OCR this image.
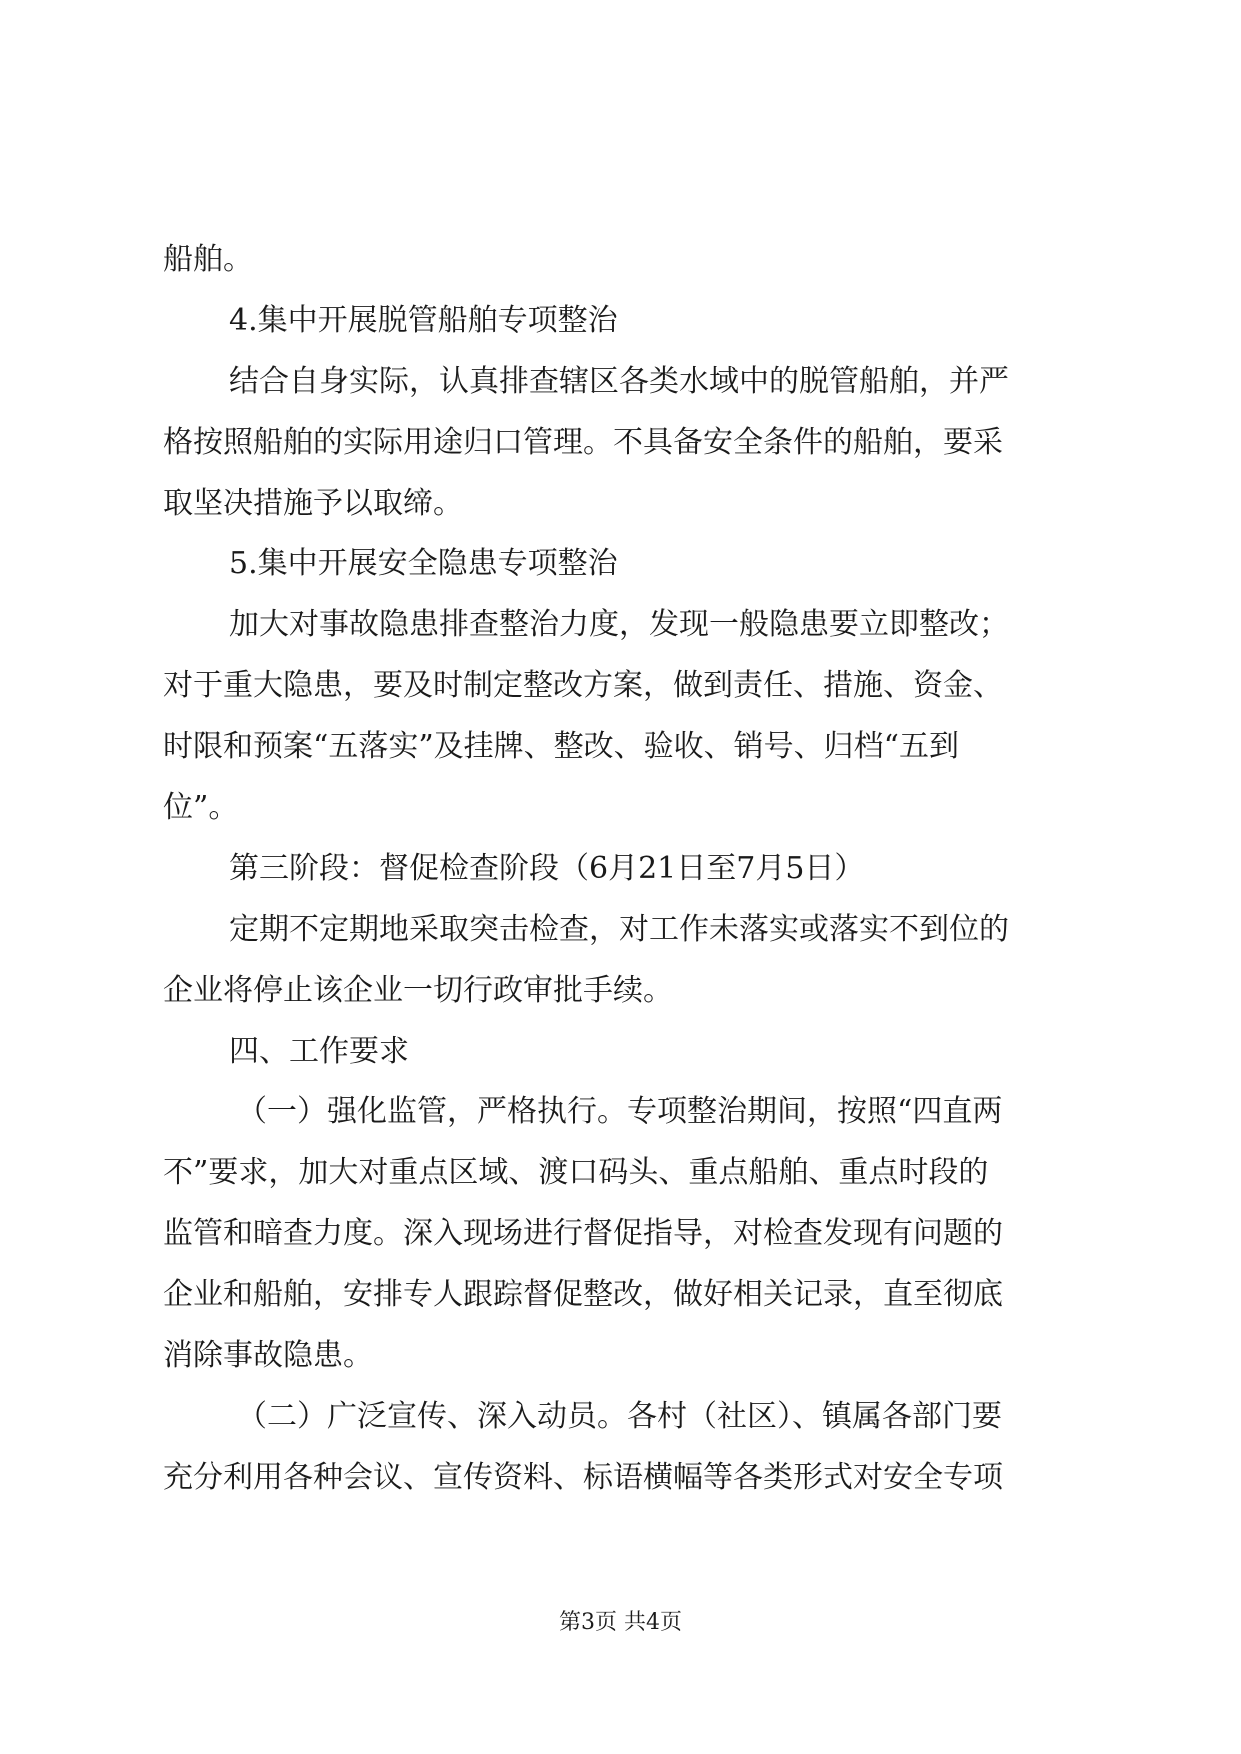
船舶。
4.集中开展脱管船舶专项整治
结合自身实际，认真排查辖区各类水域中的脱管船舶，并严
格按照船舶的实际用途归口管理。不具备安全条件的船舶，要采
取坚决措施予以取缔。
5.集中开展安全隐患专项整治
加大对事故隐患排查整治力度，发现一般隐患要立即整改；
对于重大隐患，要及时制定整改方案，做到责任、措施、资金、
时限和预案“五落实”及挂牌、整改、验收、销号、归档“五到
位”。
第三阶段：督促检查阶段（6月21日至7月5日）
定期不定期地采取突击检查，对工作未落实或落实不到位的
企业将停止该企业一切行政审批手续。
四、工作要求
（一）强化监管，严格执行。专项整治期间，按照“四直两
不”要求，加大对重点区域、渡口码头、重点船舶、重点时段的
监管和暗查力度。深入现场进行督促指导，对检查发现有问题的
企业和船舶，安排专人跟踪督促整改，做好相关记录，直至彻底
消除事故隐患。
（二）广泛宣传、深入动员。各村（社区）、镇属各部门要
充分利用各种会议、宣传资料、标语横幅等各类形式对安全专项
第3页 共4页
